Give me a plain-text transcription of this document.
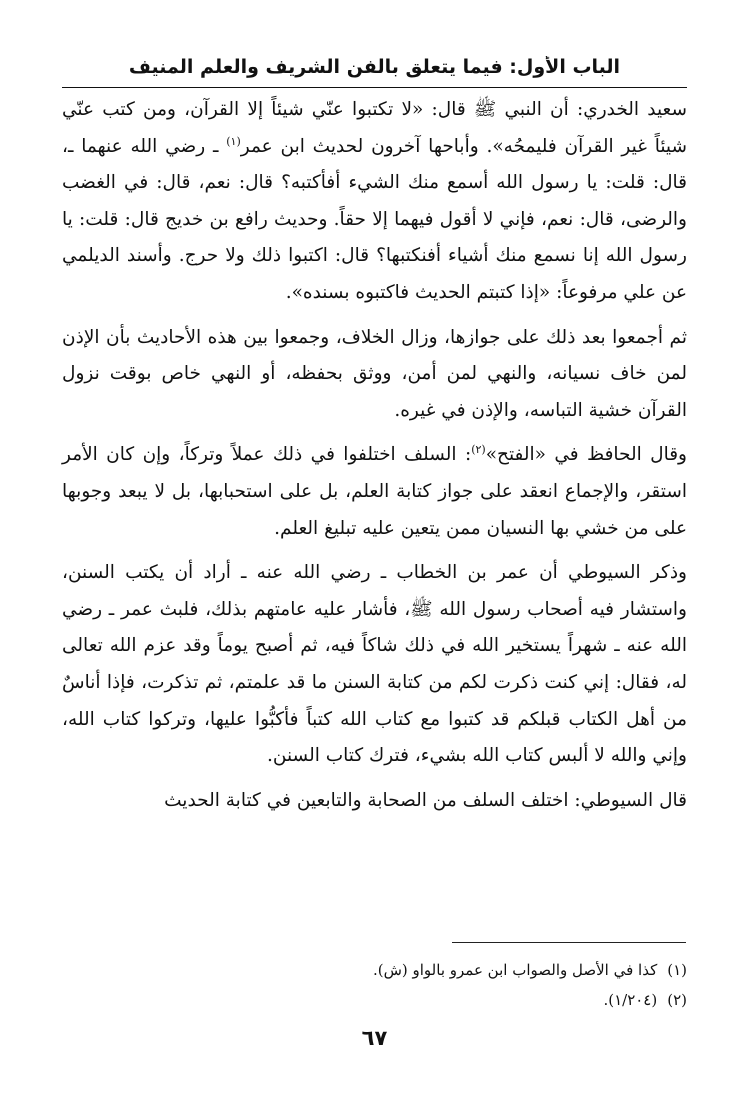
الباب الأول: فيما يتعلق بالفن الشريف والعلم المنيف

سعيد الخدري: أن النبي ﷺ قال: «لا تكتبوا عنّي شيئاً إلا القرآن، ومن كتب عنّي شيئاً غير القرآن فليمحُه». وأباحها آخرون لحديث ابن عمر$^{(١)}$ ـ رضي الله عنهما ـ، قال: قلت: يا رسول الله أسمع منك الشيء أفأكتبه؟ قال: نعم، قال: في الغضب والرضى، قال: نعم، فإني لا أقول فيهما إلا حقاً. وحديث رافع بن خديج قال: قلت: يا رسول الله إنا نسمع منك أشياء أفنكتبها؟ قال: اكتبوا ذلك ولا حرج. وأسند الديلمي عن علي مرفوعاً: «إذا كتبتم الحديث فاكتبوه بسنده».

ثم أجمعوا بعد ذلك على جوازها، وزال الخلاف، وجمعوا بين هذه الأحاديث بأن الإذن لمن خاف نسيانه، والنهي لمن أمن، ووثق بحفظه، أو النهي خاص بوقت نزول القرآن خشية التباسه، والإذن في غيره.

وقال الحافظ في «الفتح»$^{(٢)}$: السلف اختلفوا في ذلك عملاً وتركاً، وإن كان الأمر استقر، والإجماع انعقد على جواز كتابة العلم، بل على استحبابها، بل لا يبعد وجوبها على من خشي بها النسيان ممن يتعين عليه تبليغ العلم.

وذكر السيوطي أن عمر بن الخطاب ـ رضي الله عنه ـ أراد أن يكتب السنن، واستشار فيه أصحاب رسول الله ﷺ، فأشار عليه عامتهم بذلك، فلبث عمر ـ رضي الله عنه ـ شهراً يستخير الله في ذلك شاكاً فيه، ثم أصبح يوماً وقد عزم الله تعالى له، فقال: إني كنت ذكرت لكم من كتابة السنن ما قد علمتم، ثم تذكرت، فإذا أناسٌ من أهل الكتاب قبلكم قد كتبوا مع كتاب الله كتباً فأكبُّوا عليها، وتركوا كتاب الله، وإني والله لا ألبس كتاب الله بشيء، فترك كتاب السنن.

قال السيوطي: اختلف السلف من الصحابة والتابعين في كتابة الحديث

(١)كذا في الأصل والصواب ابن عمرو بالواو (ش).

(٢)(١/٢٠٤).

٦٧
